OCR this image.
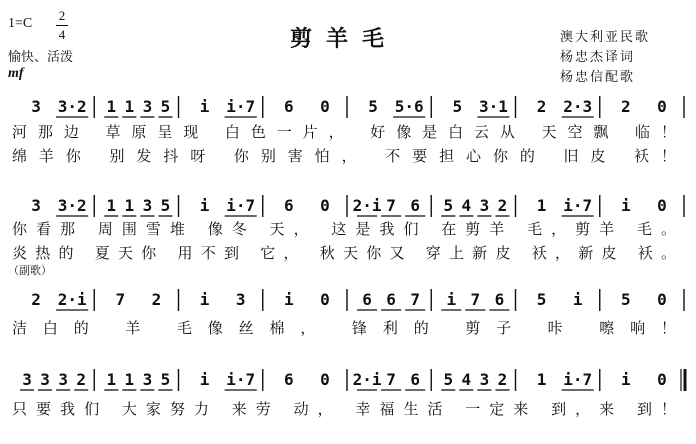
1=C
2
4
愉快、活泼
mf
剪羊毛	澳大利亚民歌
杨忠杰译词
杨忠信配歌
（副歌）
3 3·2 1 1 3 5 i i·7 6 0 5 5·6 5 3·1 2 2·3 2 0
河那边 草原呈现 白色一片， 好像是白云从 天空飘 临！
绵羊你 别发抖呀 你别害怕， 不要担心你的 旧皮 袄！
3 3·2 1 1 3 5 i i·7 6 0 2·i 7 6 5 4 3 2 1 i·7 i 0
你看那 周围雪堆 像冬 天， 这是我们 在剪羊 毛，剪羊 毛。
炎热的 夏天你 用不到 它， 秋天你又 穿上新皮 袄，新皮 袄。
2 2·i 7 2 i 3 i 0 6 6 7 i 7 6 5 i 5 0
洁白的 羊 毛像丝棉， 锋利的 剪子 咔 嚓响！
3 3 3 2 1 1 3 5 i i·7 6 0 2·i 7 6 5 4 3 2 1 i·7 i 0
只要我们 大家努力 来劳 动， 幸福生活 一定来 到，来 到！
